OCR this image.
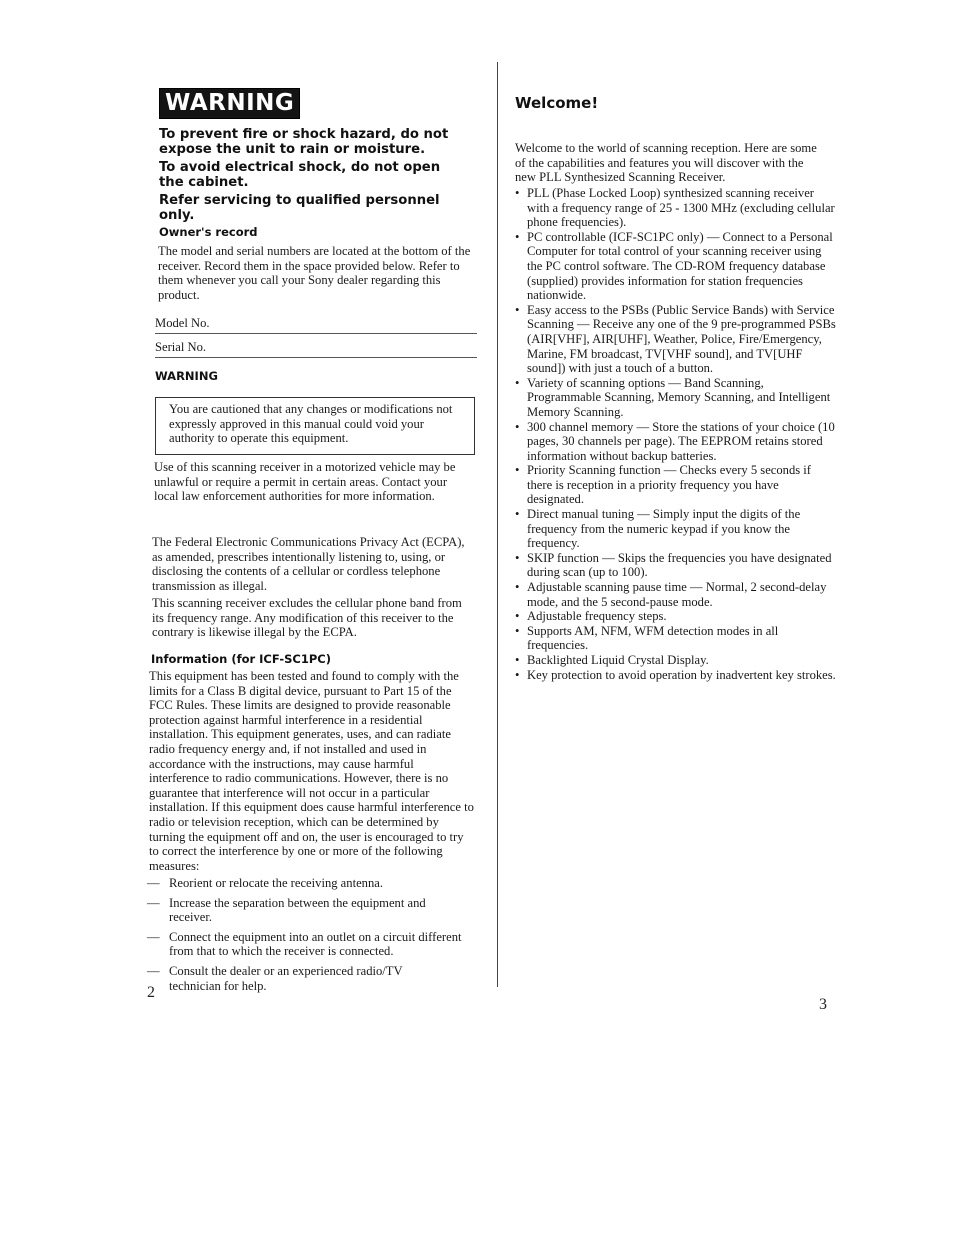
WARNING
To prevent fire or shock hazard, do not expose the unit to rain or moisture.
To avoid electrical shock, do not open the cabinet.
Refer servicing to qualified personnel only.
Owner's record
The model and serial numbers are located at the bottom of the receiver. Record them in the space provided below. Refer to them whenever you call your Sony dealer regarding this product.
Model No.
Serial No.
WARNING
You are cautioned that any changes or modifications not expressly approved in this manual could void your authority to operate this equipment.
Use of this scanning receiver in a motorized vehicle may be unlawful or require a permit in certain areas. Contact your local law enforcement authorities for more information.
The Federal Electronic Communications Privacy Act (ECPA), as amended, prescribes intentionally listening to, using, or disclosing the contents of a cellular or cordless telephone transmission as illegal.
This scanning receiver excludes the cellular phone band from its frequency range. Any modification of this receiver to the contrary is likewise illegal by the ECPA.
Information (for ICF-SC1PC)
This equipment has been tested and found to comply with the limits for a Class B digital device, pursuant to Part 15 of the FCC Rules. These limits are designed to provide reasonable protection against harmful interference in a residential installation. This equipment generates, uses, and can radiate radio frequency energy and, if not installed and used in accordance with the instructions, may cause harmful interference to radio communications. However, there is no guarantee that interference will not occur in a particular installation. If this equipment does cause harmful interference to radio or television reception, which can be determined by turning the equipment off and on, the user is encouraged to try to correct the interference by one or more of the following measures:
— Reorient or relocate the receiving antenna.
— Increase the separation between the equipment and receiver.
— Connect the equipment into an outlet on a circuit different from that to which the receiver is connected.
— Consult the dealer or an experienced radio/TV technician for help.
2
Welcome!
Welcome to the world of scanning reception. Here are some of the capabilities and features you will discover with the new PLL Synthesized Scanning Receiver.
• PLL (Phase Locked Loop) synthesized scanning receiver with a frequency range of 25 - 1300 MHz (excluding cellular phone frequencies).
• PC controllable (ICF-SC1PC only) — Connect to a Personal Computer for total control of your scanning receiver using the PC control software. The CD-ROM frequency database (supplied) provides information for station frequencies nationwide.
• Easy access to the PSBs (Public Service Bands) with Service Scanning — Receive any one of the 9 pre-programmed PSBs (AIR[VHF], AIR[UHF], Weather, Police, Fire/Emergency, Marine, FM broadcast, TV[VHF sound], and TV[UHF sound]) with just a touch of a button.
• Variety of scanning options — Band Scanning, Programmable Scanning, Memory Scanning, and Intelligent Memory Scanning.
• 300 channel memory — Store the stations of your choice (10 pages, 30 channels per page). The EEPROM retains stored information without backup batteries.
• Priority Scanning function — Checks every 5 seconds if there is reception in a priority frequency you have designated.
• Direct manual tuning — Simply input the digits of the frequency from the numeric keypad if you know the frequency.
• SKIP function — Skips the frequencies you have designated during scan (up to 100).
• Adjustable scanning pause time — Normal, 2 second-delay mode, and the 5 second-pause mode.
• Adjustable frequency steps.
• Supports AM, NFM, WFM detection modes in all frequencies.
• Backlighted Liquid Crystal Display.
• Key protection to avoid operation by inadvertent key strokes.
3
